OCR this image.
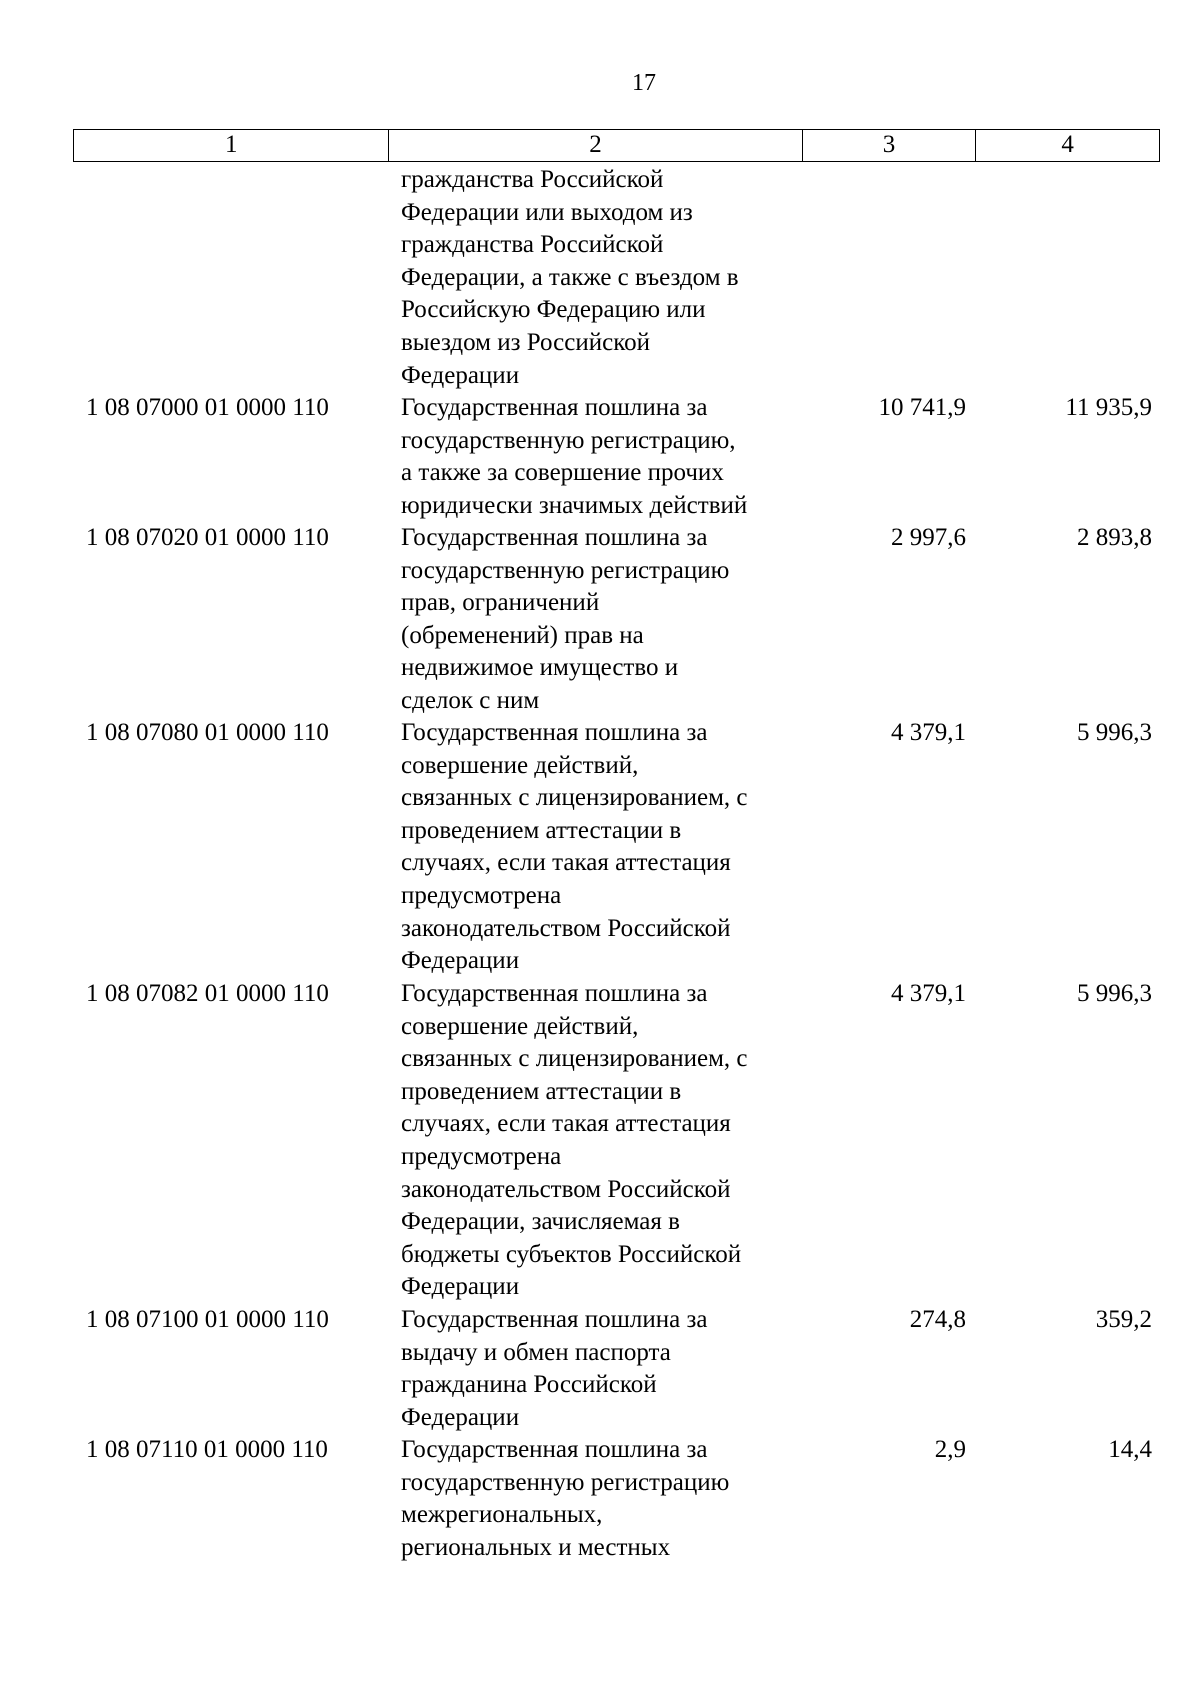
17
1	2	3	4
гражданства Российской
Федерации или выходом из
гражданства Российской
Федерации, а также с въездом в
Российскую Федерацию или
выездом из Российской
Федерации
1 08 07000 01 0000 110	Государственная пошлина за
государственную регистрацию,
а также за совершение прочих
юридически значимых действий
10 741,9	11 935,9
1 08 07020 01 0000 110	Государственная пошлина за
государственную регистрацию
прав, ограничений
(обременений) прав на
недвижимое имущество и
сделок с ним
2 997,6	2 893,8
1 08 07080 01 0000 110	Государственная пошлина за
совершение действий,
связанных с лицензированием, с
проведением аттестации в
случаях, если такая аттестация
предусмотрена
законодательством Российской
Федерации
4 379,1	5 996,3
1 08 07082 01 0000 110	Государственная пошлина за
совершение действий,
связанных с лицензированием, с
проведением аттестации в
случаях, если такая аттестация
предусмотрена
законодательством Российской
Федерации, зачисляемая в
бюджеты субъектов Российской
Федерации
4 379,1	5 996,3
1 08 07100 01 0000 110	Государственная пошлина за
выдачу и обмен паспорта
гражданина Российской
Федерации
274,8	359,2
1 08 07110 01 0000 110	Государственная пошлина за
государственную регистрацию
межрегиональных,
региональных и местных
2,9	14,4
